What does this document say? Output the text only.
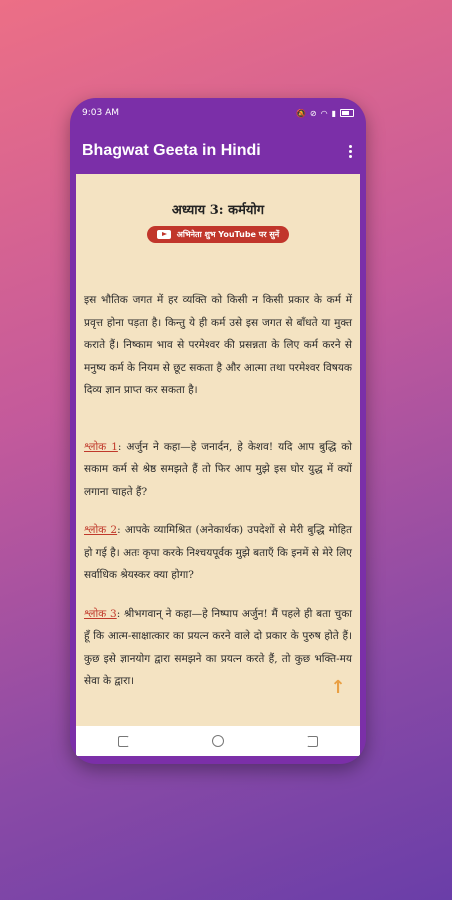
9:03 AM	🔕 ⊘ ◠ ▮
Bhagwat Geeta in Hindi
अध्याय 3: कर्मयोग
अभिनेता शुभ YouTube पर सुनें

इस भौतिक जगत में हर व्यक्ति को किसी न किसी प्रकार के कर्म में प्रवृत्त होना पड़ता है। किन्तु ये ही कर्म उसे इस जगत से बाँधते या मुक्त कराते हैं। निष्काम भाव से परमेश्वर की प्रसन्नता के लिए कर्म करने से मनुष्य कर्म के नियम से छूट सकता है और आत्मा तथा परमेश्वर विषयक दिव्य ज्ञान प्राप्त कर सकता है।

श्लोक 1: अर्जुन ने कहा—हे जनार्दन, हे केशव! यदि आप बुद्धि को सकाम कर्म से श्रेष्ठ समझते हैं तो फिर आप मुझे इस घोर युद्ध में क्यों लगाना चाहते हैं?

श्लोक 2: आपके व्यामिश्रित (अनेकार्थक) उपदेशों से मेरी बुद्धि मोहित हो गई है। अतः कृपा करके निश्चयपूर्वक मुझे बताएँ कि इनमें से मेरे लिए सर्वाधिक श्रेयस्कर क्या होगा?

श्लोक 3: श्रीभगवान् ने कहा—हे निष्पाप अर्जुन! मैं पहले ही बता चुका हूँ कि आत्म-साक्षात्कार का प्रयत्न करने वाले दो प्रकार के पुरुष होते हैं। कुछ इसे ज्ञानयोग द्वारा समझने का प्रयत्न करते हैं, तो कुछ भक्ति-मय सेवा के द्वारा।	↑
